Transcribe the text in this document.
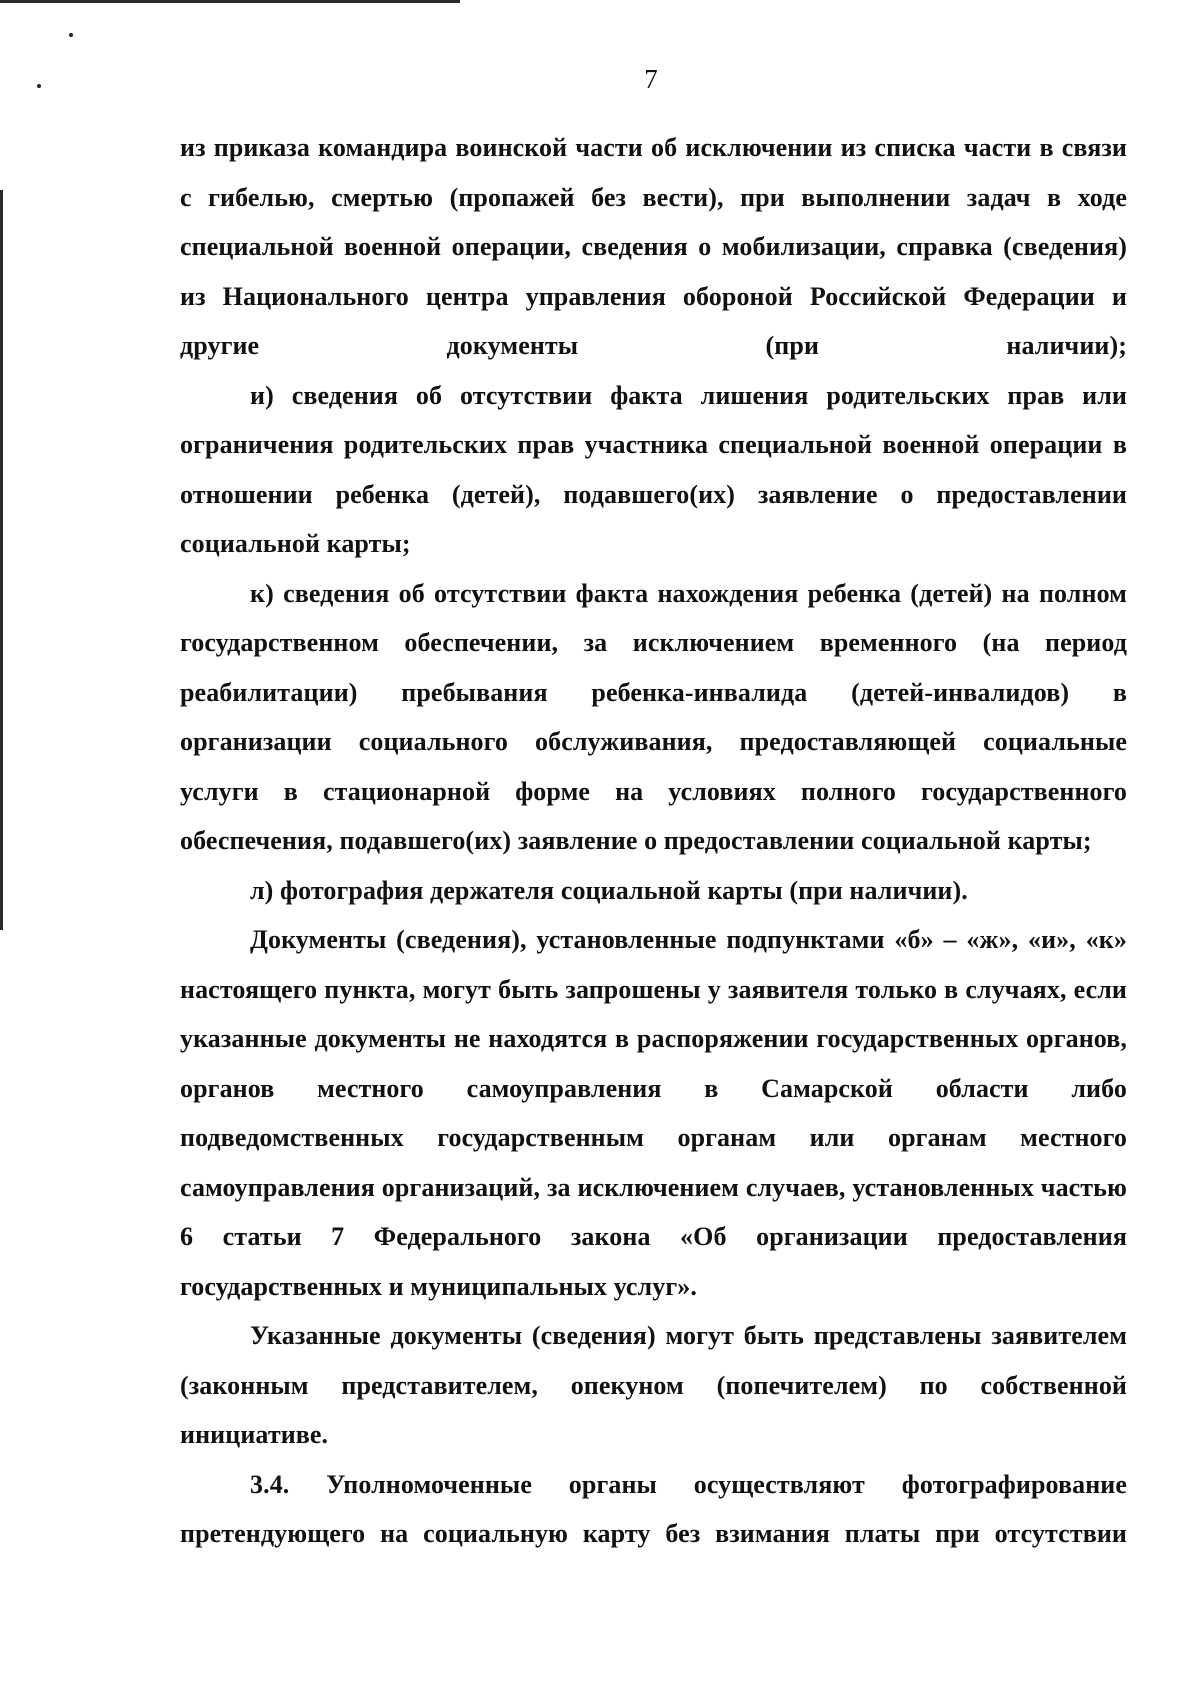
7

из приказа командира воинской части об исключении из списка части в связи с гибелью, смертью (пропажей без вести), при выполнении задач в ходе специальной военной операции, сведения о мобилизации, справка (сведения) из Национального центра управления обороной Российской Федерации и другие документы (при наличии);

и) сведения об отсутствии факта лишения родительских прав или ограничения родительских прав участника специальной военной операции в отношении ребенка (детей), подавшего(их) заявление о предоставлении социальной карты;

к) сведения об отсутствии факта нахождения ребенка (детей) на полном государственном обеспечении, за исключением временного (на период реабилитации) пребывания ребенка-инвалида (детей-инвалидов) в организации социального обслуживания, предоставляющей социальные услуги в стационарной форме на условиях полного государственного обеспечения, подавшего(их) заявление о предоставлении социальной карты;

л) фотография держателя социальной карты (при наличии).

Документы (сведения), установленные подпунктами «б» – «ж», «и», «к» настоящего пункта, могут быть запрошены у заявителя только в случаях, если указанные документы не находятся в распоряжении государственных органов, органов местного самоуправления в Самарской области либо подведомственных государственным органам или органам местного самоуправления организаций, за исключением случаев, установленных частью 6 статьи 7 Федерального закона «Об организации предоставления государственных и муниципальных услуг».

Указанные документы (сведения) могут быть представлены заявителем (законным представителем, опекуном (попечителем) по собственной инициативе.

3.4. Уполномоченные органы осуществляют фотографирование претендующего на социальную карту без взимания платы при отсутствии
